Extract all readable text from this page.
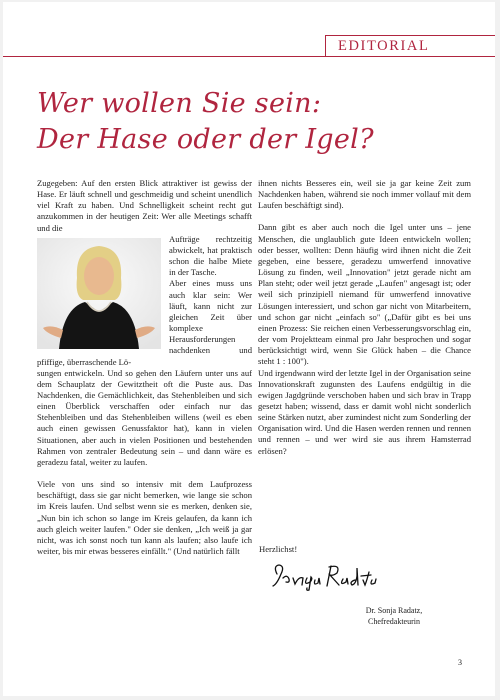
EDITORIAL
Wer wollen Sie sein:
Der Hase oder der Igel?

Zugegeben: Auf den ersten Blick attraktiver ist gewiss der Hase. Er läuft schnell und geschmeidig und scheint unendlich viel Kraft zu haben. Und Schnelligkeit scheint recht gut anzukommen in der heutigen Zeit: Wer alle Meetings schafft und die

Aufträge rechtzeitig abwickelt, hat praktisch schon die halbe Miete in der Tasche.

Aber eines muss uns auch klar sein: Wer läuft, kann nicht zur gleichen Zeit über komplexe Herausforderungen nachdenken und pfiffige, überraschende Lö-

sungen entwickeln. Und so gehen den Läufern unter uns auf dem Schauplatz der Gewitztheit oft die Puste aus. Das Nachdenken, die Gemächlichkeit, das Stehenbleiben und sich einen Überblick verschaffen oder einfach nur das Stehenbleiben und das Stehenbleiben willens (weil es eben auch einen gewissen Genussfaktor hat), kann in vielen Situationen, aber auch in vielen Positionen und bestehenden Rahmen von zentraler Bedeutung sein – und dann wäre es geradezu fatal, weiter zu laufen.

Viele von uns sind so intensiv mit dem Laufprozess beschäftigt, dass sie gar nicht bemerken, wie lange sie schon im Kreis laufen. Und selbst wenn sie es merken, denken sie, „Nun bin ich schon so lange im Kreis gelaufen, da kann ich auch gleich weiter laufen." Oder sie denken, „Ich weiß ja gar nicht, was ich sonst noch tun kann als laufen; also laufe ich weiter, bis mir etwas besseres einfällt." (Und natürlich fällt

ihnen nichts Besseres ein, weil sie ja gar keine Zeit zum Nachdenken haben, während sie noch immer vollauf mit dem Laufen beschäftigt sind).

Dann gibt es aber auch noch die Igel unter uns – jene Menschen, die unglaublich gute Ideen entwickeln wollen; oder besser, wollten: Denn häufig wird ihnen nicht die Zeit gegeben, eine bessere, geradezu umwerfend innovative Lösung zu finden, weil „Innovation" jetzt gerade nicht am Plan steht; oder weil jetzt gerade „Laufen" angesagt ist; oder weil sich prinzipiell niemand für umwerfend innovative Lösungen interessiert, und schon gar nicht von Mitarbeitern, und schon gar nicht „einfach so" („Dafür gibt es bei uns einen Prozess: Sie reichen einen Verbesserungsvorschlag ein, der vom Projektteam einmal pro Jahr besprochen und sogar berücksichtigt wird, wenn Sie Glück haben – die Chance steht 1 : 100").

Und irgendwann wird der letzte Igel in der Organisation seine Innovationskraft zugunsten des Laufens endgültig in die ewigen Jagdgründe verschoben haben und sich brav in Trapp gesetzt haben; wissend, dass er damit wohl nicht sonderlich seine Stärken nutzt, aber zumindest nicht zum Sonderling der Organisation wird. Und die Hasen werden rennen und rennen und rennen – und wer wird sie aus ihrem Hamsterrad erlösen?

Herzlichst!
Dr. Sonja Radatz,
Chefredakteurin
3
